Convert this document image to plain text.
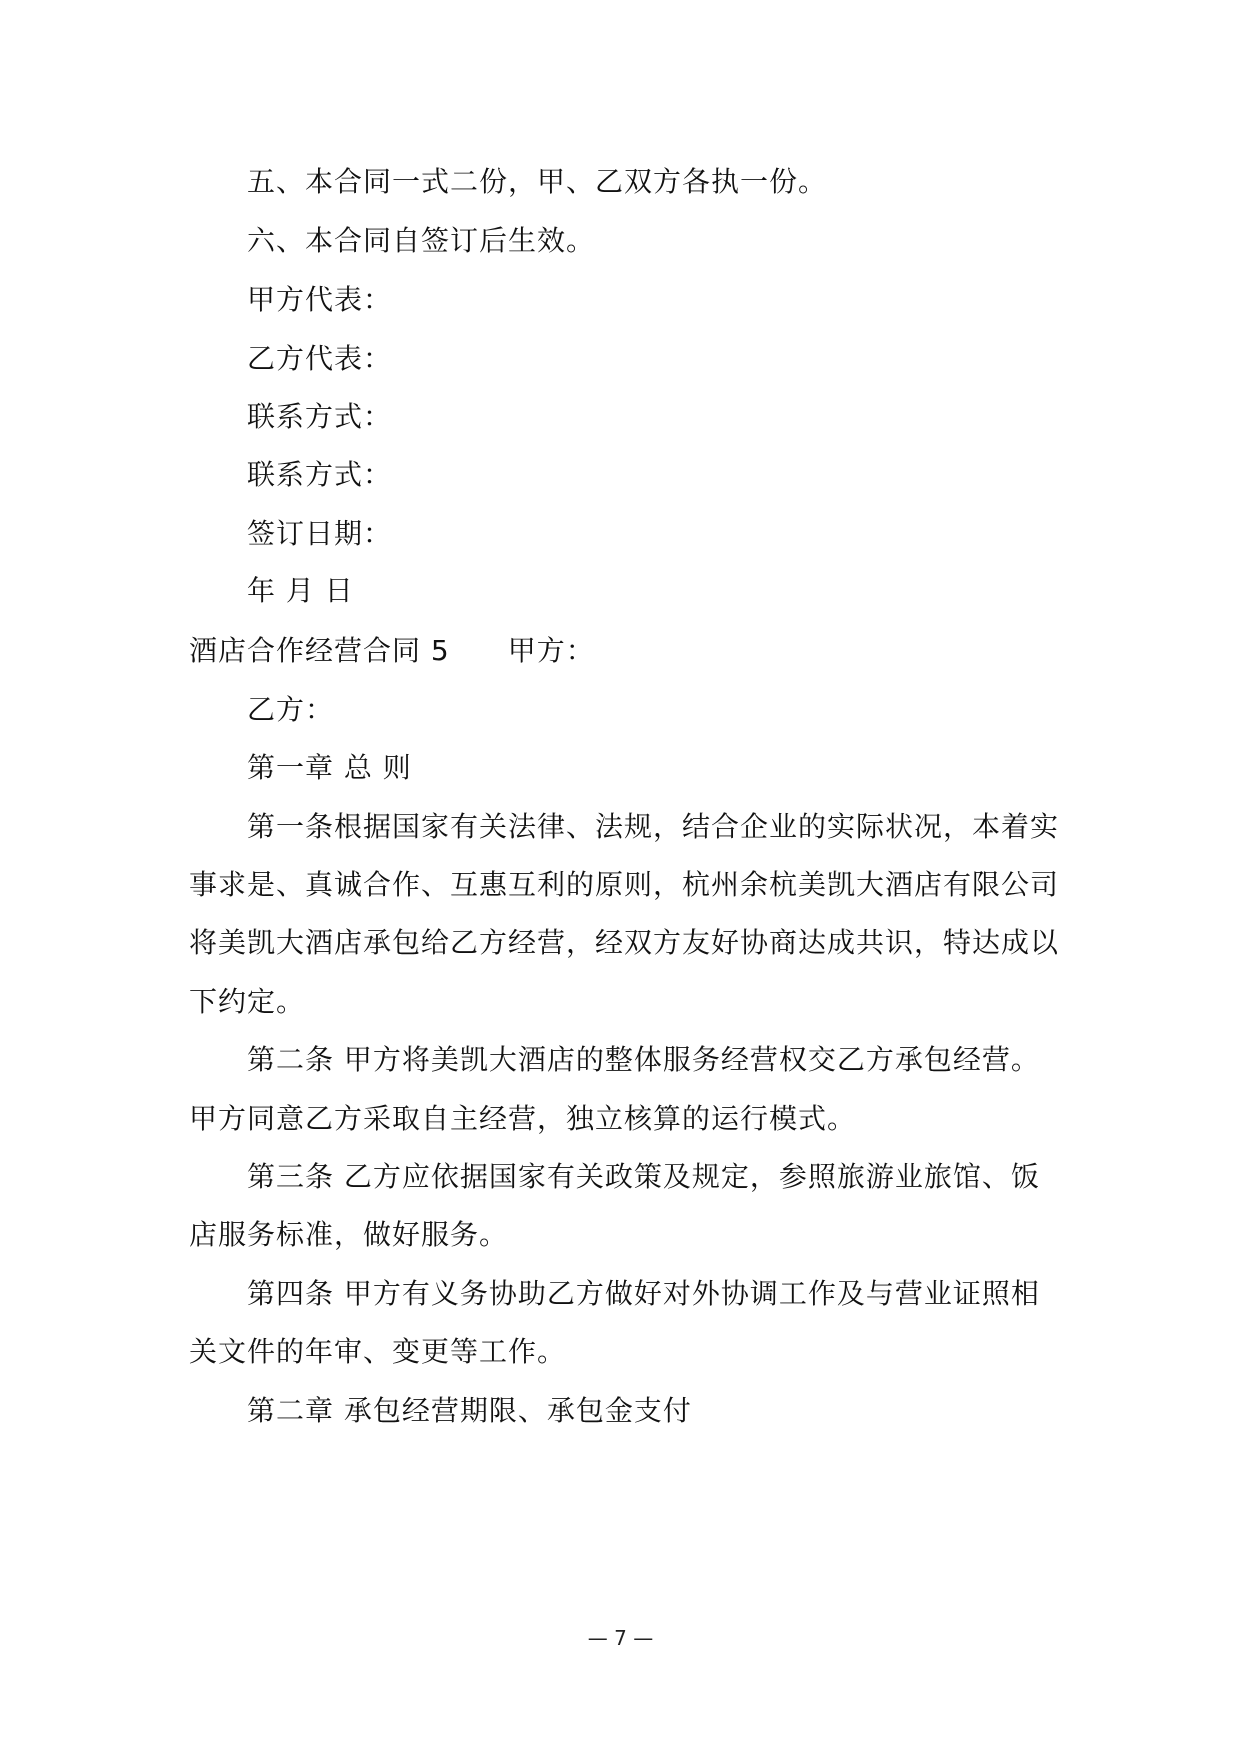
五、本合同一式二份，甲、乙双方各执一份。
六、本合同自签订后生效。
甲方代表：
乙方代表：
联系方式：
联系方式：
签订日期：
年 月 日
酒店合作经营合同 5 甲方：
乙方：
第一章 总 则
第一条根据国家有关法律、法规，结合企业的实际状况，本着实
事求是、真诚合作、互惠互利的原则，杭州余杭美凯大酒店有限公司
将美凯大酒店承包给乙方经营，经双方友好协商达成共识，特达成以
下约定。
第二条 甲方将美凯大酒店的整体服务经营权交乙方承包经营。
甲方同意乙方采取自主经营，独立核算的运行模式。
第三条 乙方应依据国家有关政策及规定，参照旅游业旅馆、饭
店服务标准，做好服务。
第四条 甲方有义务协助乙方做好对外协调工作及与营业证照相
关文件的年审、变更等工作。
第二章 承包经营期限、承包金支付
— 7 —
